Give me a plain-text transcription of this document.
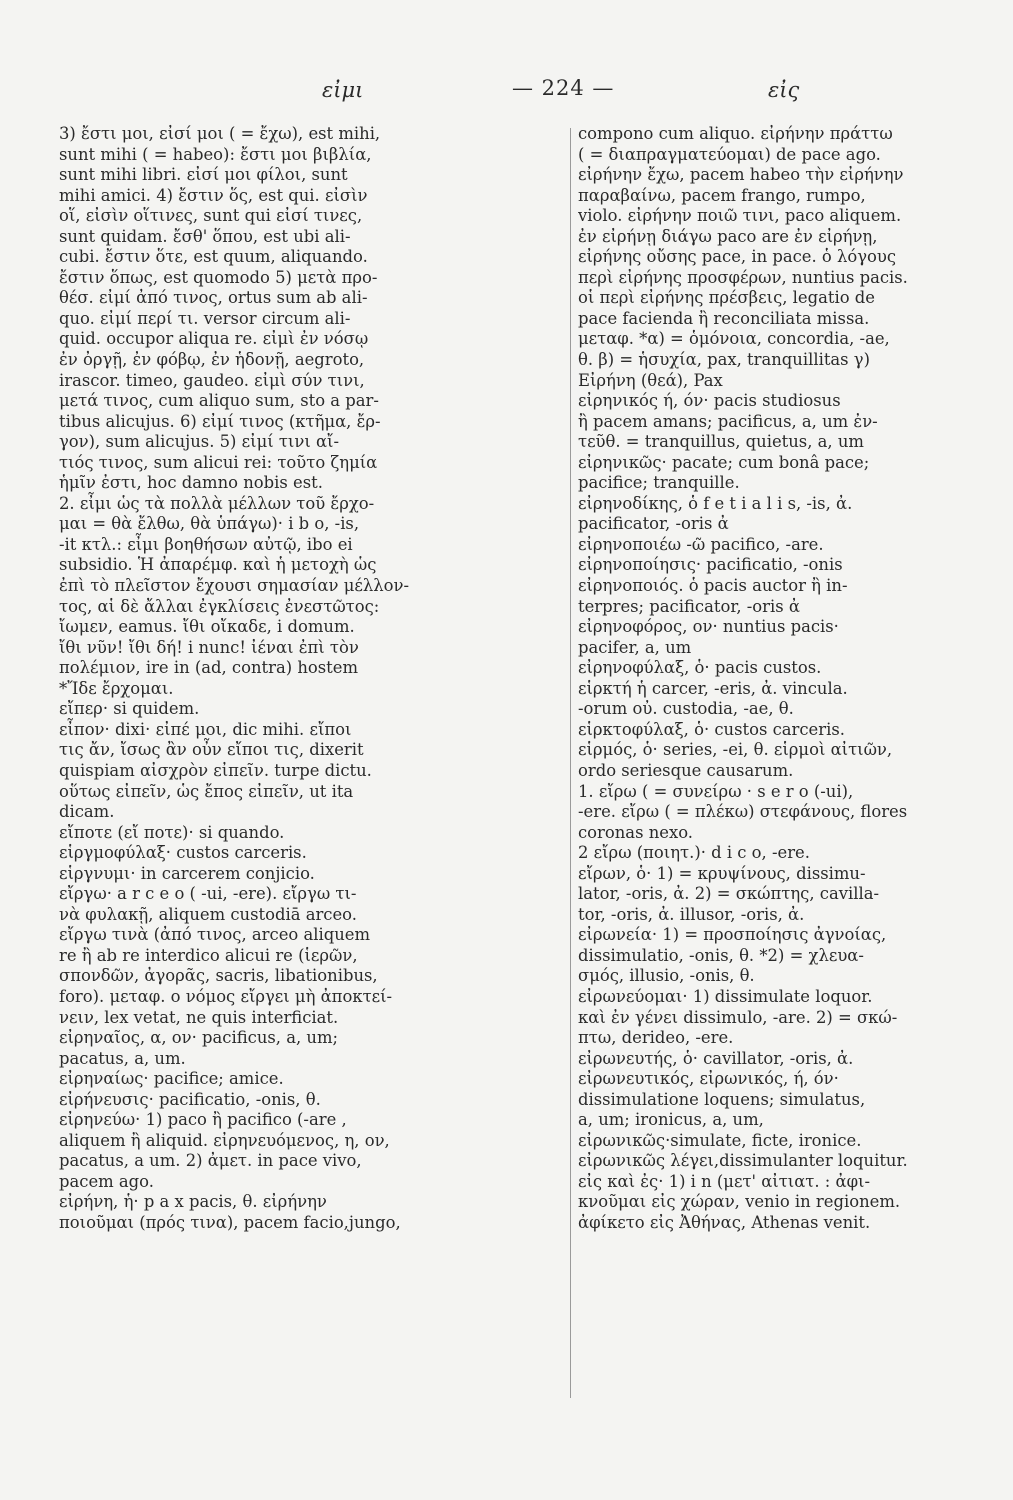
εἰμι	— 224 —	εἰς
3) ἔστι μοι, εἰσί μοι ( = ἔχω), est mihi,
sunt mihi ( = habeo): ἔστι μοι βιβλία,
sunt mihi libri. εἰσί μοι φίλοι, sunt
mihi amici. 4) ἔστιν ὅς, est qui. εἰσὶν
οἵ, εἰσὶν οἵτινες, sunt qui εἰσί τινες,
sunt quidam. ἔσθ' ὅπου, est ubi ali-
cubi. ἔστιν ὅτε, est quum, aliquando.
ἔστιν ὅπως, est quomodo 5) μετὰ προ-
θέσ. εἰμί ἀπό τινος, ortus sum ab ali-
quo. εἰμί περί τι. versor circum ali-
quid. occupor aliqua re. εἰμὶ ἐν νόσῳ
ἐν ὀργῇ, ἐν φόβῳ, ἐν ἡδονῇ, aegroto,
irascor. timeo, gaudeo. εἰμὶ σύν τινι,
μετά τινος, cum aliquo sum, sto a par-
tibus alicujus. 6) εἰμί τινος (κτῆμα, ἔρ-
γον), sum alicujus. 5) εἰμί τινι αἴ-
τιός τινος, sum alicui rei: τοῦτο ζημία
ἡμῖν ἐστι, hoc damno nobis est.
2. εἶμι ὡς τὰ πολλὰ μέλλων τοῦ ἔρχο-
μαι = θὰ ἔλθω, θὰ ὑπάγω)· i b o, -is,
-it κτλ.: εἶμι βοηθήσων αὐτῷ, ibo ei
subsidio. Ἡ ἀπαρέμφ. καὶ ἡ μετοχὴ ὡς
ἐπὶ τὸ πλεῖστον ἔχουσι σημασίαν μέλλον-
τος, αἱ δὲ ἄλλαι ἐγκλίσεις ἐνεστῶτος:
ἴωμεν, eamus. ἴθι οἴκαδε, i domum.
ἴθι νῦν! ἴθι δή! i nunc! ἰέναι ἐπὶ τὸν
πολέμιον, ire in (ad, contra) hostem
*Ἴδε ἔρχομαι.
εἴπερ· si quidem.
εἶπον· dixi· εἰπέ μοι, dic mihi. εἴποι
τις ἄν, ἴσως ἂν οὖν εἴποι τις, dixerit
quispiam αἰσχρὸν εἰπεῖν. turpe dictu.
οὕτως εἰπεῖν, ὡς ἔπος εἰπεῖν, ut ita
dicam.
εἴποτε (εἴ ποτε)· si quando.
εἱργμοφύλαξ· custos carceris.
εἱργνυμι· in carcerem conjicio.
εἴργω· a r c e o ( -ui, -ere). εἴργω τι-
νὰ φυλακῇ, aliquem custodiā arceo.
εἴργω τινὰ (ἀπό τινος, arceo aliquem
re ἢ ab re interdico alicui re (ἱερῶν,
σπονδῶν, ἀγορᾶς, sacris, libationibus,
foro). μεταφ. ο νόμος εἴργει μὴ ἀποκτεί-
νειν, lex vetat, ne quis interficiat.
εἰρηναῖος, α, ον· pacificus, a, um;
pacatus, a, um.
εἰρηναίως· pacifice; amice.
εἰρήνευσις· pacificatio, -onis, θ.
εἰρηνεύω· 1) paco ἢ pacifico (-are ,
aliquem ἢ aliquid. εἰρηνευόμενος, η, ον,
pacatus, a um. 2) ἀμετ. in pace vivo,
pacem ago.
εἰρήνη, ἡ· p a x pacis, θ. εἰρήνην
ποιοῦμαι (πρός τινα), pacem facio,jungo,
compono cum aliquo. εἰρήνην πράττω
( = διαπραγματεύομαι) de pace ago.
εἰρήνην ἔχω, pacem habeo τὴν εἰρήνην
παραβαίνω, pacem frango, rumpo,
violo. εἰρήνην ποιῶ τινι, paco aliquem.
ἐν εἰρήνῃ διάγω paco are ἐν εἰρήνῃ,
εἰρήνης οὔσης pace, in pace. ὁ λόγους
περὶ εἰρήνης προσφέρων, nuntius pacis.
οἱ περὶ εἰρήνης πρέσβεις, legatio de
pace facienda ἢ reconciliata missa.
μεταφ. *α) = ὁμόνοια, concordia, -ae,
θ. β) = ἡσυχία, pax, tranquillitas γ)
Εἰρήνη (θεά), Pax
εἰρηνικός ή, όν· pacis studiosus
ἢ pacem amans; pacificus, a, um ἐν-
τεῦθ. = tranquillus, quietus, a, um
εἰρηνικῶς· pacate; cum bonâ pace;
pacifice; tranquille.
εἰρηνοδίκης, ὁ f e t i a l i s, -is, ἀ.
pacificator, -oris ἀ
εἰρηνοποιέω -ῶ pacifico, -are.
εἰρηνοποίησις· pacificatio, -onis
εἰρηνοποιός. ὁ pacis auctor ἢ in-
terpres; pacificator, -oris ἀ
εἰρηνοφόρος, ον· nuntius pacis·
pacifer, a, um
εἰρηνοφύλαξ, ὁ· pacis custos.
εἱρκτή ἡ carcer, -eris, ἀ. vincula.
-orum οὐ. custodia, -ae, θ.
εἱρκτοφύλαξ, ὁ· custos carceris.
εἱρμός, ὁ· series, -ei, θ. εἱρμοὶ αἰτιῶν,
ordo seriesque causarum.
1. εἴρω ( = συνείρω · s e r o (-ui),
-ere. εἴρω ( = πλέκω) στεφάνους, flores
coronas nexo.
2 εἴρω (ποιητ.)· d i c o, -ere.
εἴρων, ὁ· 1) = κρυψίνους, dissimu-
lator, -oris, ἀ. 2) = σκώπτης, cavilla-
tor, -oris, ἀ. illusor, -oris, ἀ.
εἰρωνεία· 1) = προσποίησις ἀγνοίας,
dissimulatio, -onis, θ. *2) = χλευα-
σμός, illusio, -onis, θ.
εἰρωνεύομαι· 1) dissimulate loquor.
καὶ ἐν γένει dissimulo, -are. 2) = σκώ-
πτω, derideo, -ere.
εἰρωνευτής, ὁ· cavillator, -oris, ἀ.
εἰρωνευτικός, εἰρωνικός, ή, όν·
dissimulatione loquens; simulatus,
a, um; ironicus, a, um,
εἰρωνικῶς·simulate, ficte, ironice.
εἰρωνικῶς λέγει,dissimulanter loquitur.
εἰς καὶ ἐς· 1) i n (μετ' αἰτιατ. : ἀφι-
κνοῦμαι εἰς χώραν, venio in regionem.
ἀφίκετο εἰς Ἀθήνας, Athenas venit.
